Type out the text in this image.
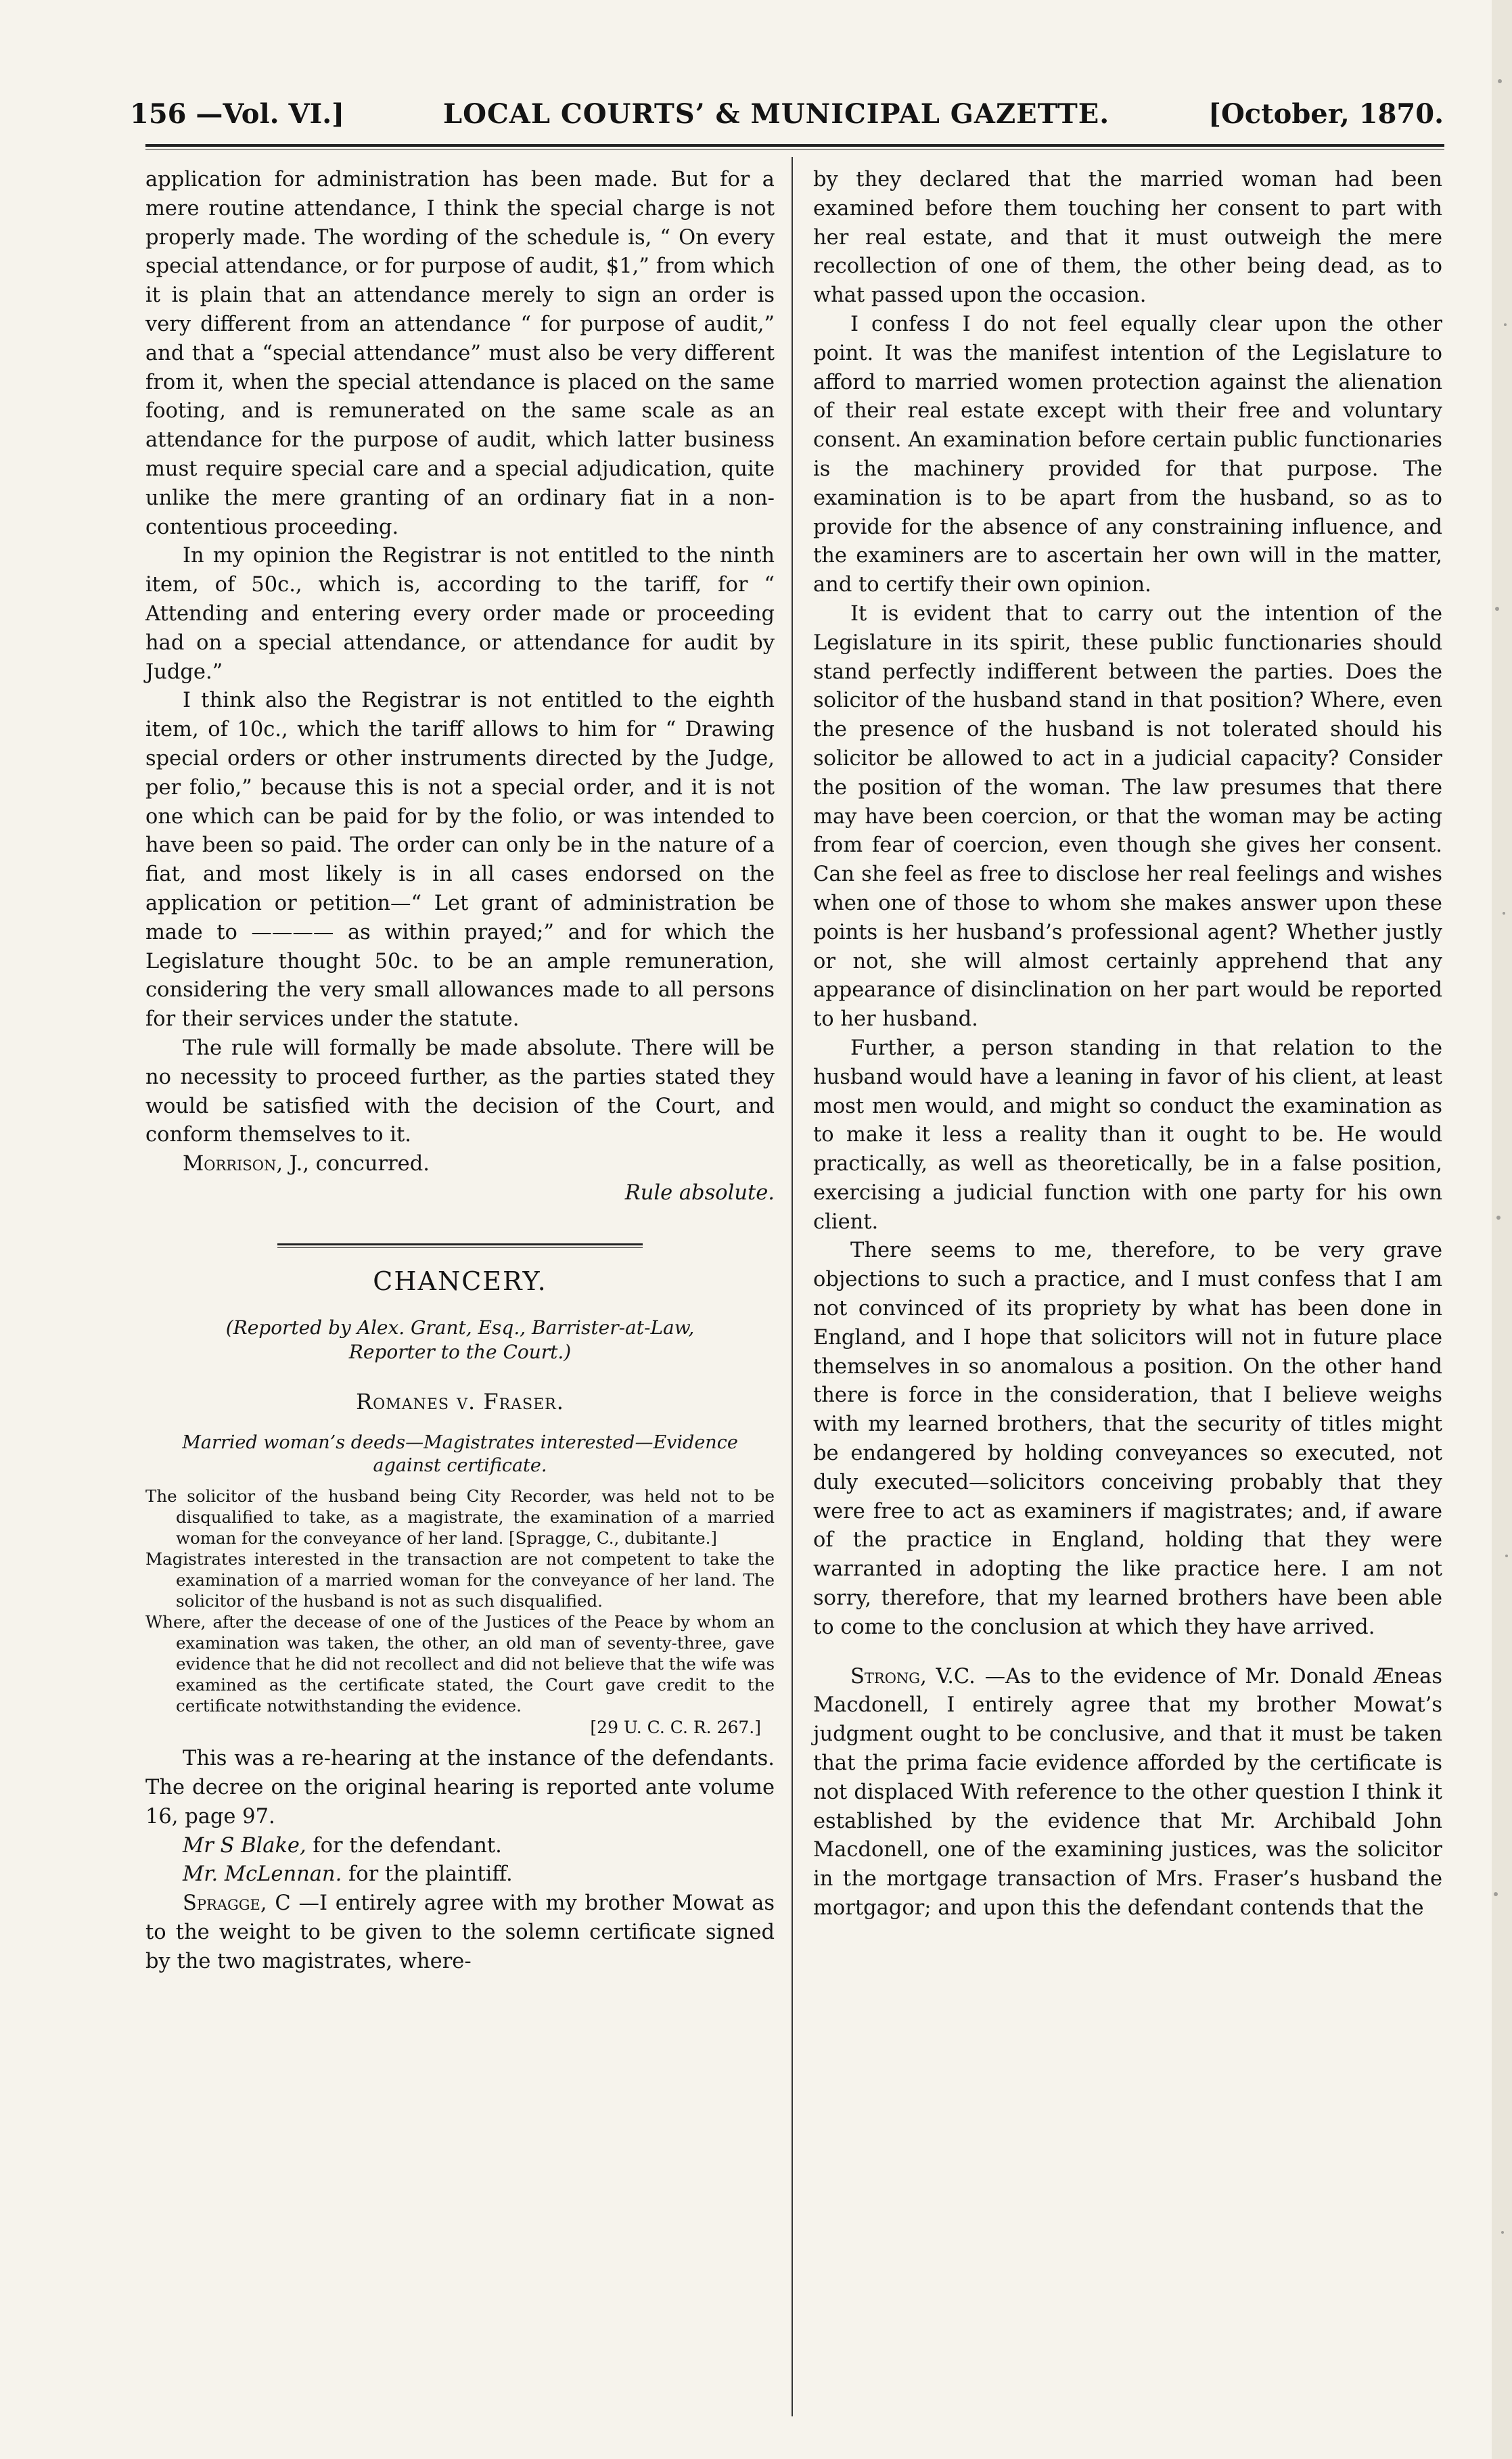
156 —Vol. VI.]	LOCAL COURTS’ & MUNICIPAL GAZETTE.	[October, 1870.

application for administration has been made. But for a mere routine attendance, I think the special charge is not properly made. The wording of the schedule is, “ On every special attendance, or for purpose of audit, $1,” from which it is plain that an attendance merely to sign an order is very different from an attendance “ for purpose of audit,” and that a “special attendance” must also be very different from it, when the special attendance is placed on the same footing, and is remunerated on the same scale as an attendance for the purpose of audit, which latter business must require special care and a special adjudication, quite unlike the mere granting of an ordinary fiat in a non-contentious proceeding.

In my opinion the Registrar is not entitled to the ninth item, of 50c., which is, according to the tariff, for “ Attending and entering every order made or proceeding had on a special attendance, or attendance for audit by Judge.”

I think also the Registrar is not entitled to the eighth item, of 10c., which the tariff allows to him for “ Drawing special orders or other instruments directed by the Judge, per folio,” because this is not a special order, and it is not one which can be paid for by the folio, or was intended to have been so paid. The order can only be in the nature of a fiat, and most likely is in all cases endorsed on the application or petition—“ Let grant of administration be made to ———— as within prayed;” and for which the Legislature thought 50c. to be an ample remuneration, considering the very small allowances made to all persons for their services under the statute.

The rule will formally be made absolute. There will be no necessity to proceed further, as the parties stated they would be satisfied with the decision of the Court, and conform themselves to it.

Morrison, J., concurred.

Rule absolute.

CHANCERY.
(Reported by Alex. Grant, Esq., Barrister-at-Law,
Reporter to the Court.)
Romanes v. Fraser.
Married woman’s deeds—Magistrates interested—Evidence
against certificate.

The solicitor of the husband being City Recorder, was held not to be disqualified to take, as a magistrate, the examination of a married woman for the conveyance of her land. [Spragge, C., dubitante.]

Magistrates interested in the transaction are not competent to take the examination of a married woman for the conveyance of her land. The solicitor of the husband is not as such disqualified.

Where, after the decease of one of the Justices of the Peace by whom an examination was taken, the other, an old man of seventy-three, gave evidence that he did not recollect and did not believe that the wife was examined as the certificate stated, the Court gave credit to the certificate notwithstanding the evidence.

[29 U. C. C. R. 267.]

This was a re-hearing at the instance of the defendants. The decree on the original hearing is reported ante volume 16, page 97.

Mr S Blake, for the defendant.

Mr. McLennan. for the plaintiff.

Spragge, C —I entirely agree with my brother Mowat as to the weight to be given to the solemn certificate signed by the two magistrates, where-

by they declared that the married woman had been examined before them touching her consent to part with her real estate, and that it must outweigh the mere recollection of one of them, the other being dead, as to what passed upon the occasion.

I confess I do not feel equally clear upon the other point. It was the manifest intention of the Legislature to afford to married women protection against the alienation of their real estate except with their free and voluntary consent. An examination before certain public functionaries is the machinery provided for that purpose. The examination is to be apart from the husband, so as to provide for the absence of any constraining influence, and the examiners are to ascertain her own will in the matter, and to certify their own opinion.

It is evident that to carry out the intention of the Legislature in its spirit, these public functionaries should stand perfectly indifferent between the parties. Does the solicitor of the husband stand in that position? Where, even the presence of the husband is not tolerated should his solicitor be allowed to act in a judicial capacity? Consider the position of the woman. The law presumes that there may have been coercion, or that the woman may be acting from fear of coercion, even though she gives her consent. Can she feel as free to disclose her real feelings and wishes when one of those to whom she makes answer upon these points is her husband’s professional agent? Whether justly or not, she will almost certainly apprehend that any appearance of disinclination on her part would be reported to her husband.

Further, a person standing in that relation to the husband would have a leaning in favor of his client, at least most men would, and might so conduct the examination as to make it less a reality than it ought to be. He would practically, as well as theoretically, be in a false position, exercising a judicial function with one party for his own client.

There seems to me, therefore, to be very grave objections to such a practice, and I must confess that I am not convinced of its propriety by what has been done in England, and I hope that solicitors will not in future place themselves in so anomalous a position. On the other hand there is force in the consideration, that I believe weighs with my learned brothers, that the security of titles might be endangered by holding conveyances so executed, not duly executed—solicitors conceiving probably that they were free to act as examiners if magistrates; and, if aware of the practice in England, holding that they were warranted in adopting the like practice here. I am not sorry, therefore, that my learned brothers have been able to come to the conclusion at which they have arrived.

Strong, V.C. —As to the evidence of Mr. Donald Æneas Macdonell, I entirely agree that my brother Mowat’s judgment ought to be conclusive, and that it must be taken that the prima facie evidence afforded by the certificate is not displaced With reference to the other question I think it established by the evidence that Mr. Archibald John Macdonell, one of the examining justices, was the solicitor in the mortgage transaction of Mrs. Fraser’s husband the mortgagor; and upon this the defendant contends that the
